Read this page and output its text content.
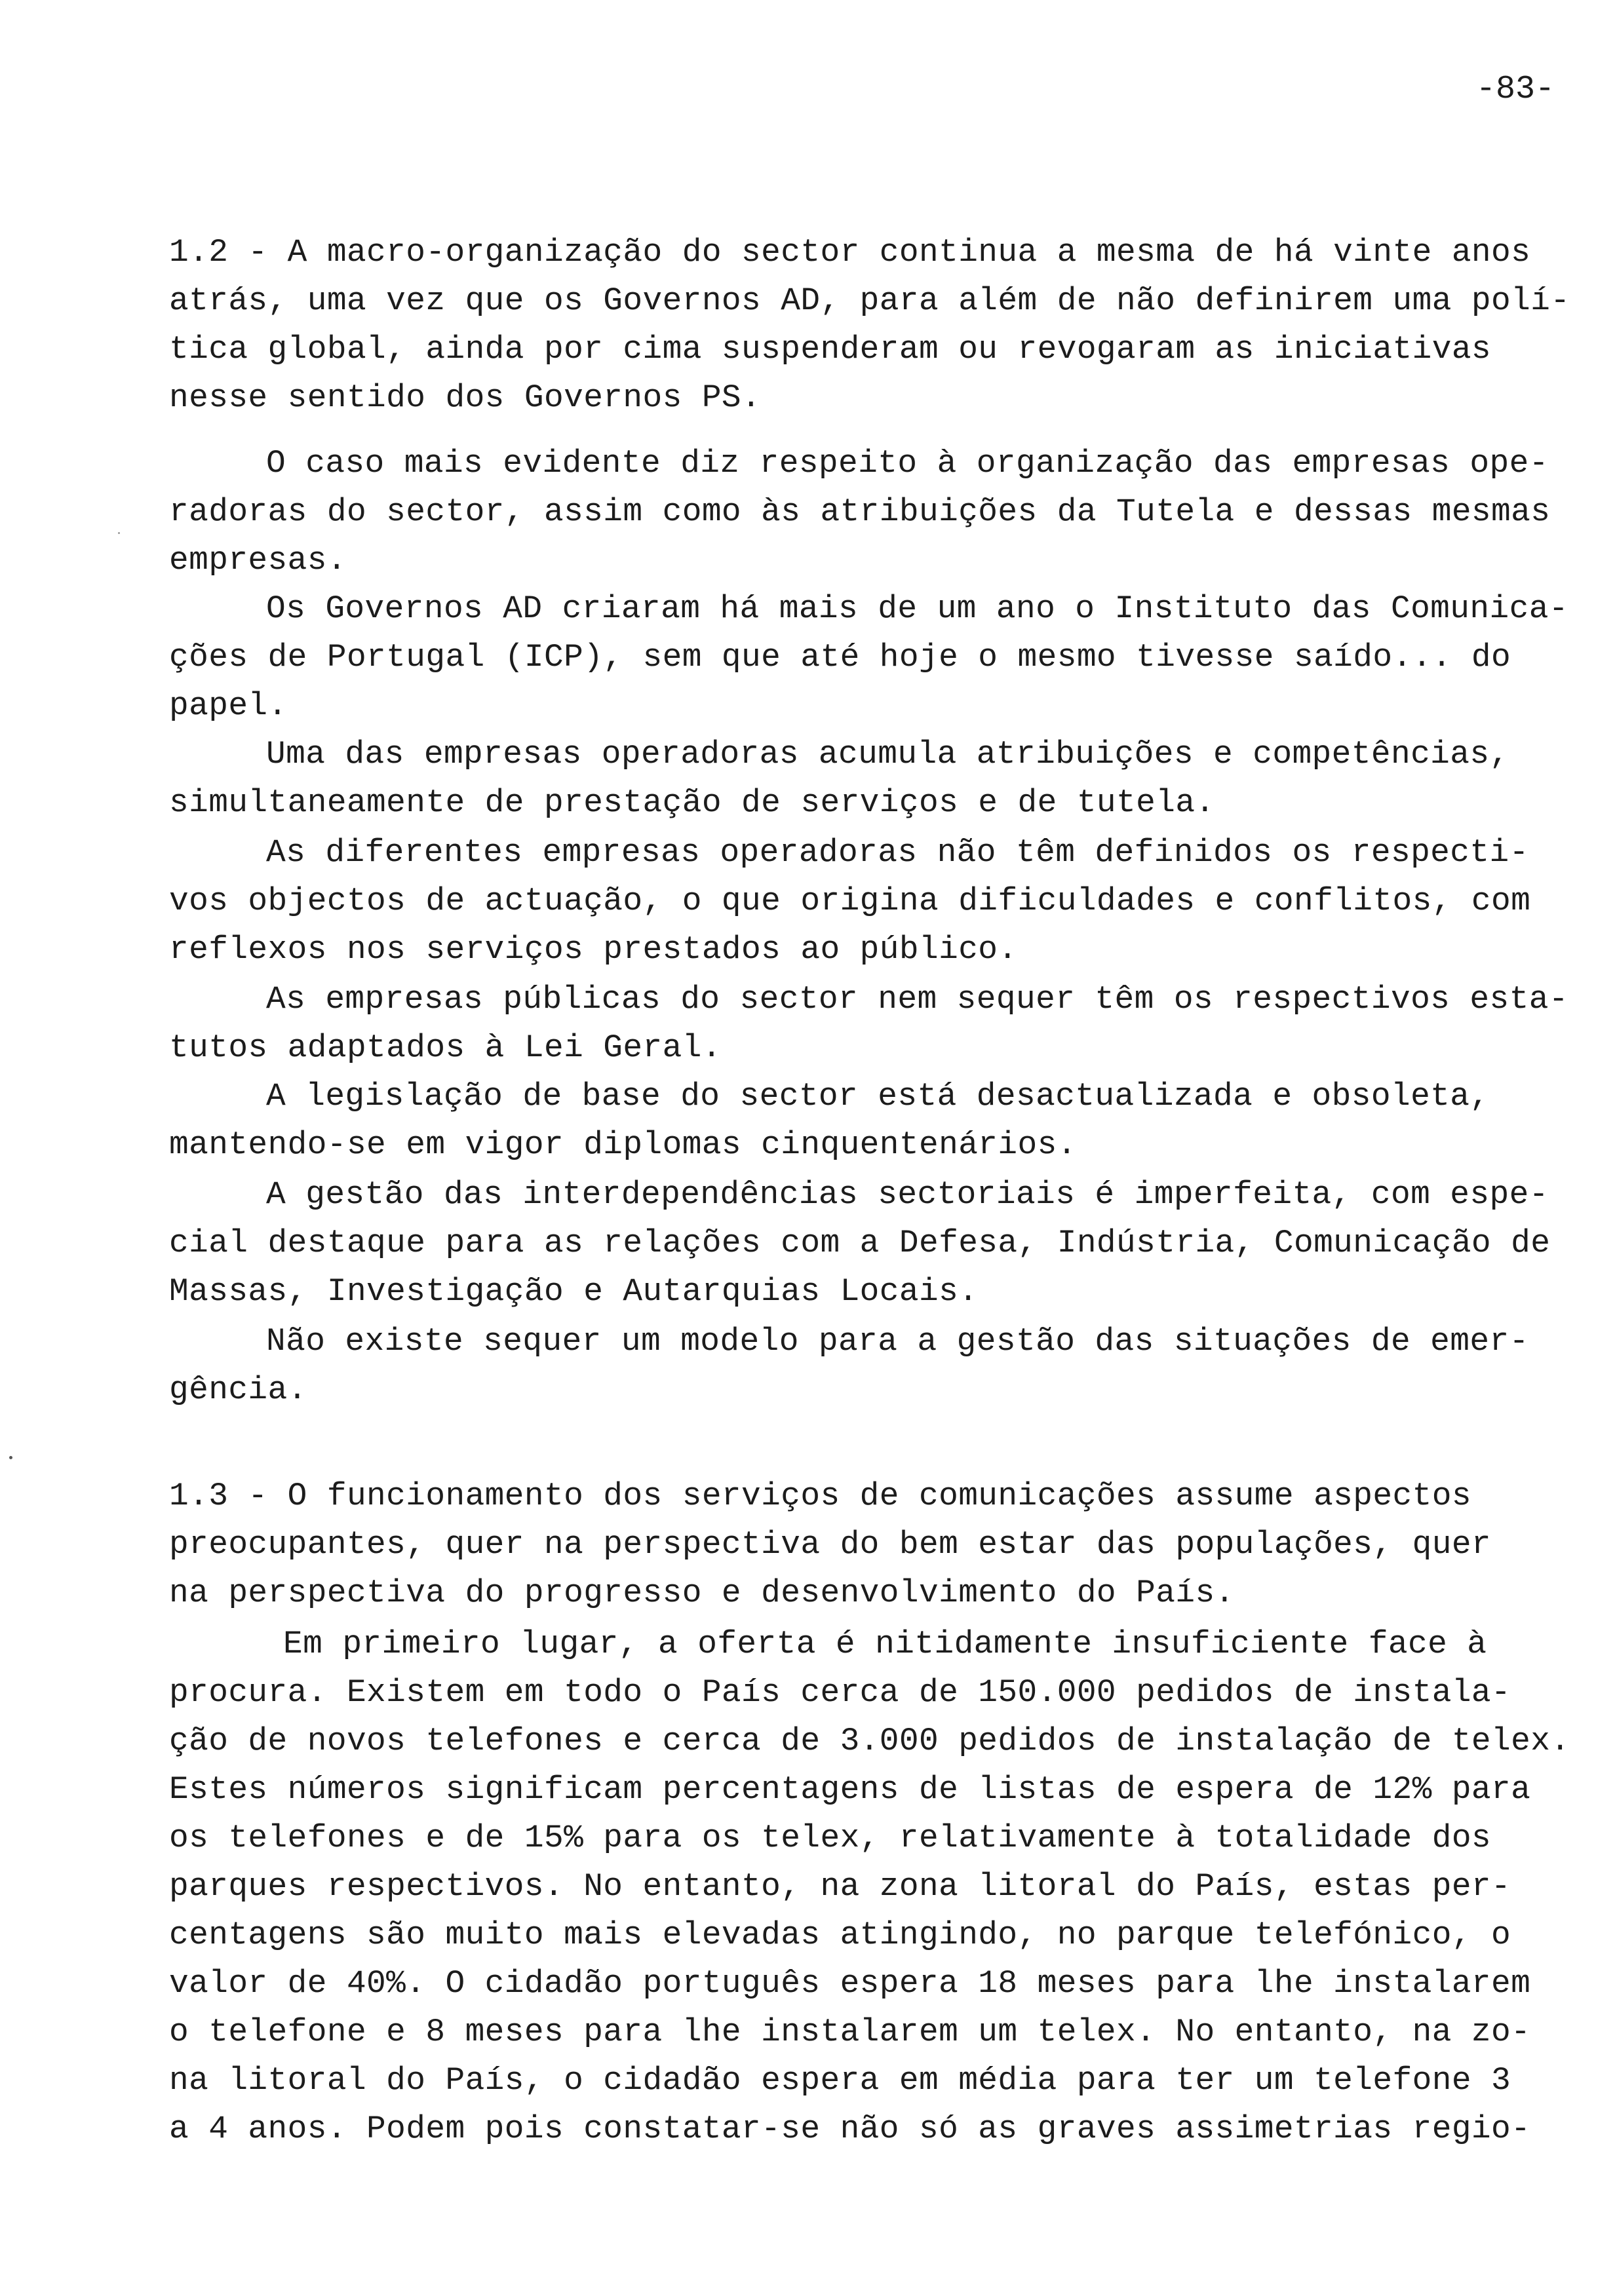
-83-
1.2 - A macro-organização do sector continua a mesma de há vinte anos
atrás, uma vez que os Governos AD, para além de não definirem uma polí-
tica global, ainda por cima suspenderam ou revogaram as iniciativas
nesse sentido dos Governos PS.
O caso mais evidente diz respeito à organização das empresas ope-
radoras do sector, assim como às atribuições da Tutela e dessas mesmas
empresas.
Os Governos AD criaram há mais de um ano o Instituto das Comunica-
ções de Portugal (ICP), sem que até hoje o mesmo tivesse saído... do
papel.
Uma das empresas operadoras acumula atribuições e competências,
simultaneamente de prestação de serviços e de tutela.
As diferentes empresas operadoras não têm definidos os respecti-
vos objectos de actuação, o que origina dificuldades e conflitos, com
reflexos nos serviços prestados ao público.
As empresas públicas do sector nem sequer têm os respectivos esta-
tutos adaptados à Lei Geral.
A legislação de base do sector está desactualizada e obsoleta,
mantendo-se em vigor diplomas cinquentenários.
A gestão das interdependências sectoriais é imperfeita, com espe-
cial destaque para as relações com a Defesa, Indústria, Comunicação de
Massas, Investigação e Autarquias Locais.
Não existe sequer um modelo para a gestão das situações de emer-
gência.
1.3 - O funcionamento dos serviços de comunicações assume aspectos
preocupantes, quer na perspectiva do bem estar das populações, quer
na perspectiva do progresso e desenvolvimento do País.
Em primeiro lugar, a oferta é nitidamente insuficiente face à
procura. Existem em todo o País cerca de 150.000 pedidos de instala-
ção de novos telefones e cerca de 3.000 pedidos de instalação de telex.
Estes números significam percentagens de listas de espera de 12% para
os telefones e de 15% para os telex, relativamente à totalidade dos
parques respectivos. No entanto, na zona litoral do País, estas per-
centagens são muito mais elevadas atingindo, no parque telefónico, o
valor de 40%. O cidadão português espera 18 meses para lhe instalarem
o telefone e 8 meses para lhe instalarem um telex. No entanto, na zo-
na litoral do País, o cidadão espera em média para ter um telefone 3
a 4 anos. Podem pois constatar-se não só as graves assimetrias regio-
